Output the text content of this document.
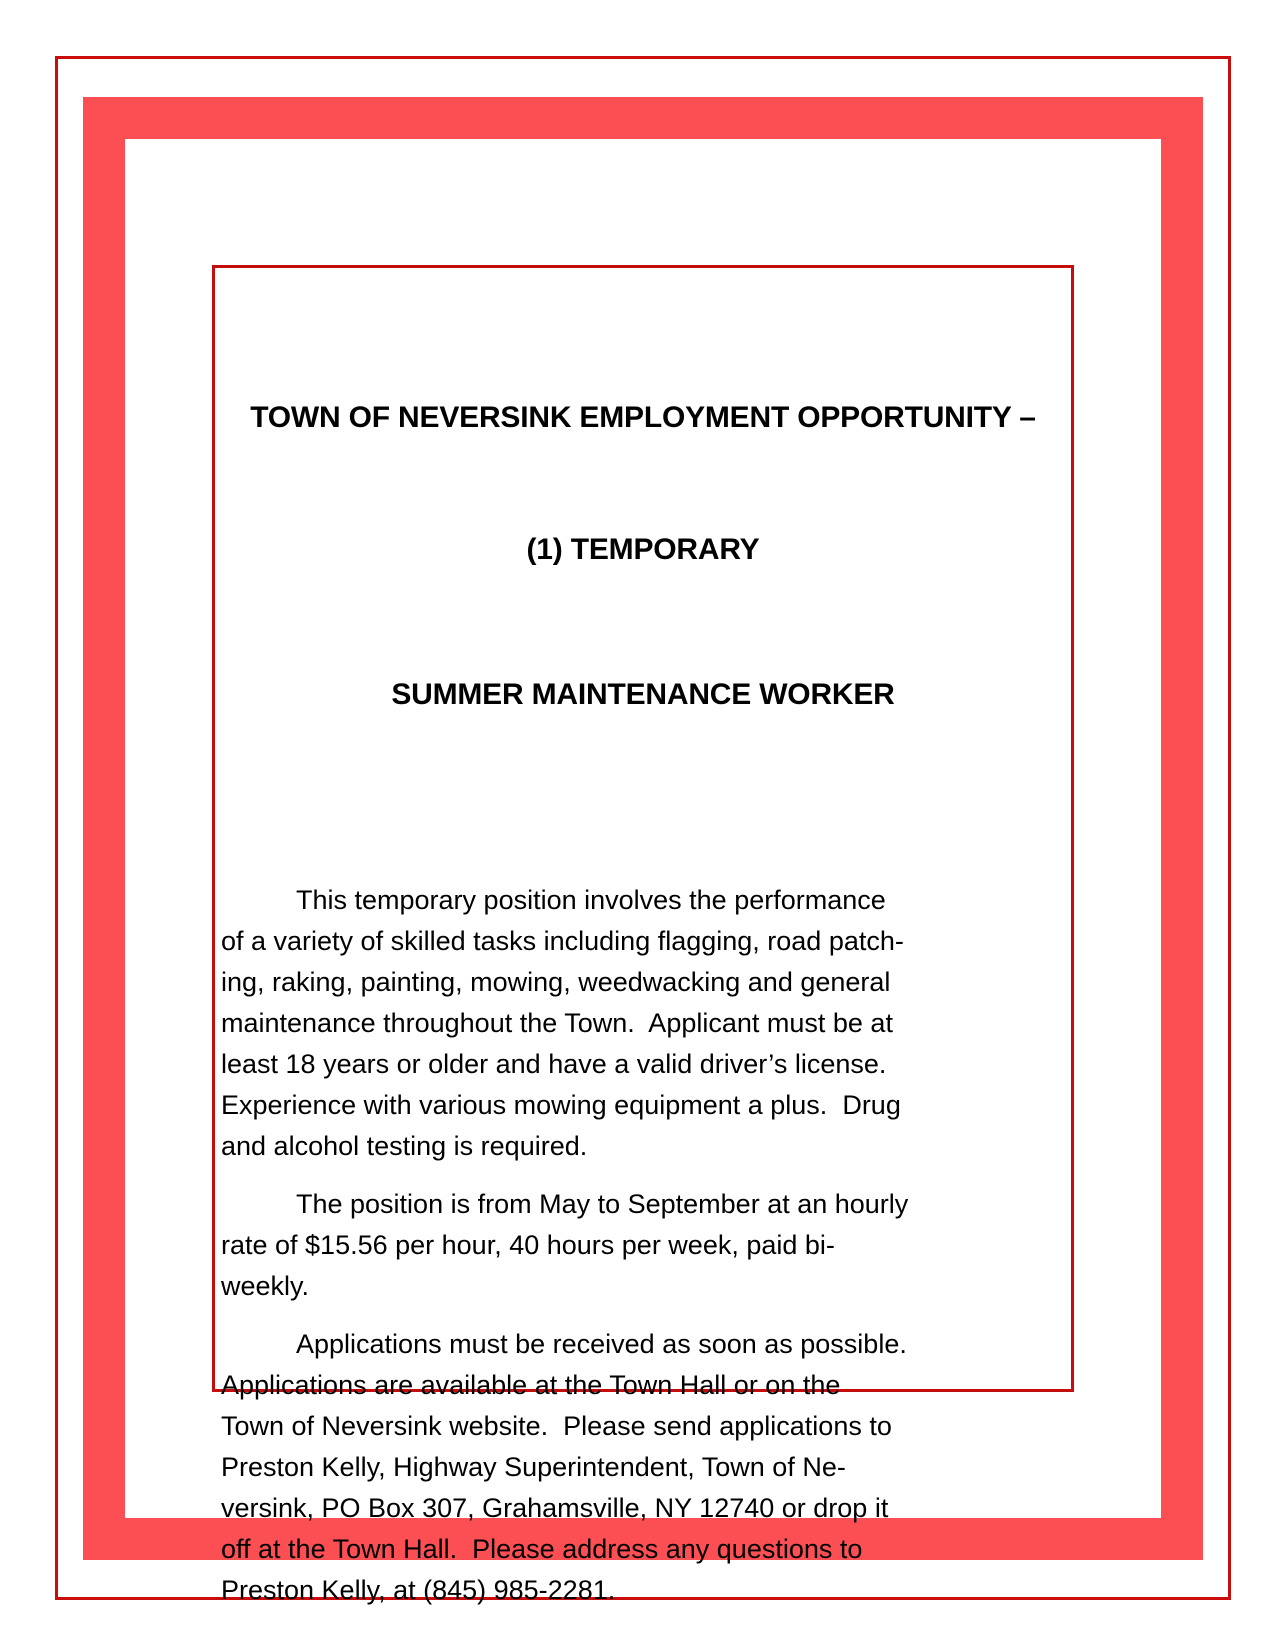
TOWN OF NEVERSINK EMPLOYMENT OPPORTUNITY –

(1) TEMPORARY

SUMMER MAINTENANCE WORKER

This temporary position involves the performance
of a variety of skilled tasks including flagging, road patch-
ing, raking, painting, mowing, weedwacking and general
maintenance throughout the Town.  Applicant must be at
least 18 years or older and have a valid driver’s license.
Experience with various mowing equipment a plus.  Drug
and alcohol testing is required.
The position is from May to September at an hourly
rate of $15.56 per hour, 40 hours per week, paid bi-
weekly.
Applications must be received as soon as possible.
Applications are available at the Town Hall or on the
Town of Neversink website.  Please send applications to
Preston Kelly, Highway Superintendent, Town of Ne-
versink, PO Box 307, Grahamsville, NY 12740 or drop it
off at the Town Hall.  Please address any questions to
Preston Kelly, at (845) 985-2281.
